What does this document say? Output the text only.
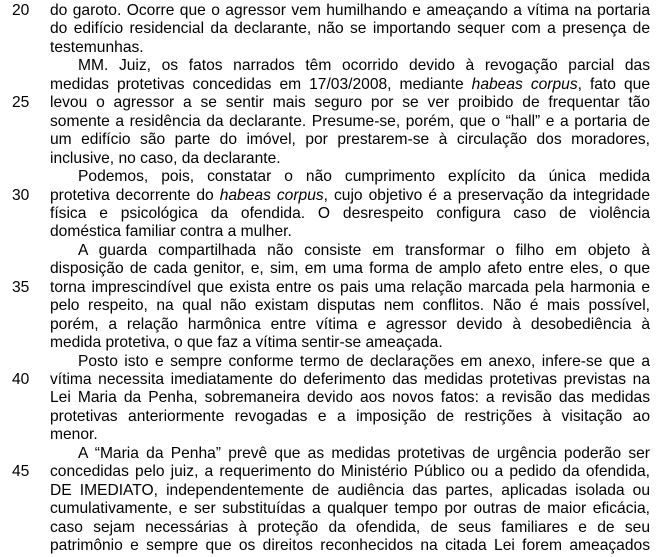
20	do garoto. Ocorre que o agressor vem humilhando e ameaçando a vítima na portaria
do edifício residencial da declarante, não se importando sequer com a presença de
testemunhas.
MM. Juiz, os fatos narrados têm ocorrido devido à revogação parcial das
medidas protetivas concedidas em 17/03/2008, mediante habeas corpus, fato que
25	levou o agressor a se sentir mais seguro por se ver proibido de frequentar tão
somente a residência da declarante. Presume-se, porém, que o “hall” e a portaria de
um edifício são parte do imóvel, por prestarem-se à circulação dos moradores,
inclusive, no caso, da declarante.
Podemos, pois, constatar o não cumprimento explícito da única medida
30	protetiva decorrente do habeas corpus, cujo objetivo é a preservação da integridade
física e psicológica da ofendida. O desrespeito configura caso de violência
doméstica familiar contra a mulher.
A guarda compartilhada não consiste em transformar o filho em objeto à
disposição de cada genitor, e, sim, em uma forma de amplo afeto entre eles, o que
35	torna imprescindível que exista entre os pais uma relação marcada pela harmonia e
pelo respeito, na qual não existam disputas nem conflitos. Não é mais possível,
porém, a relação harmônica entre vítima e agressor devido à desobediência à
medida protetiva, o que faz a vítima sentir-se ameaçada.
Posto isto e sempre conforme termo de declarações em anexo, infere-se que a
40	vítima necessita imediatamente do deferimento das medidas protetivas previstas na
Lei Maria da Penha, sobremaneira devido aos novos fatos: a revisão das medidas
protetivas anteriormente revogadas e a imposição de restrições à visitação ao
menor.
A “Maria da Penha” prevê que as medidas protetivas de urgência poderão ser
45	concedidas pelo juiz, a requerimento do Ministério Público ou a pedido da ofendida,
DE IMEDIATO, independentemente de audiência das partes, aplicadas isolada ou
cumulativamente, e ser substituídas a qualquer tempo por outras de maior eficácia,
caso sejam necessárias à proteção da ofendida, de seus familiares e de seu
patrimônio e sempre que os direitos reconhecidos na citada Lei forem ameaçados
